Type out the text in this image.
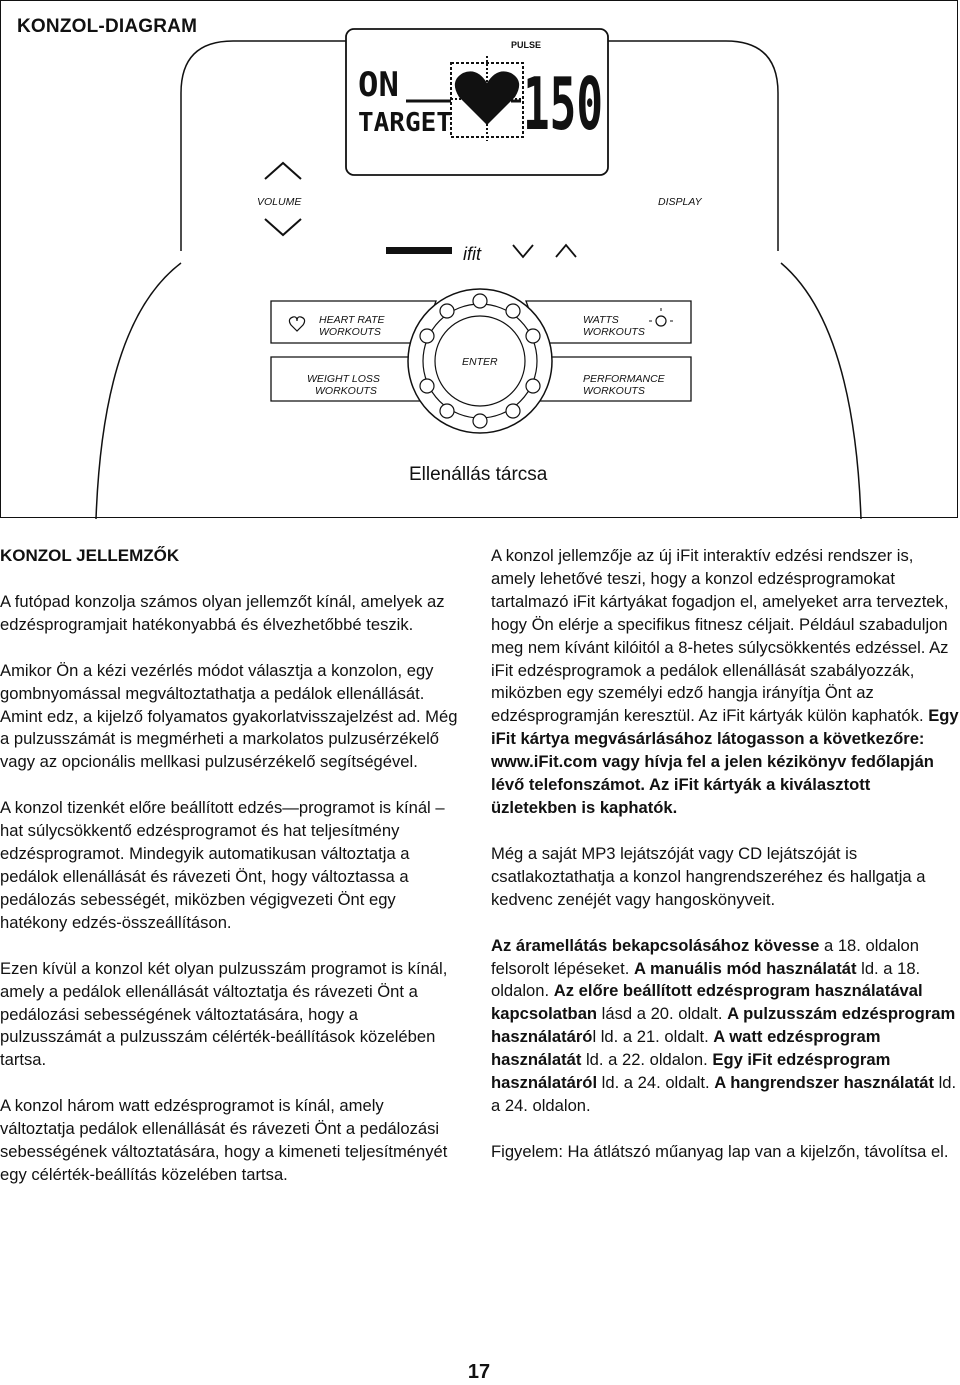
KONZOL-DIAGRAM
PULSE
ON
TARGET 150
VOLUME	DISPLAY
ifit
HEART RATE
WORKOUTS
WEIGHT LOSS
WORKOUTS
WATTS
WORKOUTS
PERFORMANCE
WORKOUTS
ENTER
Ellenállás tárcsa

KONZOL JELLEMZŐK

A futópad konzolja számos olyan jellemzőt kínál, amelyek az edzésprogramjait hatékonyabbá és élvezhetőbbé teszik.

Amikor Ön a kézi vezérlés módot választja a konzolon, egy gombnyomással megváltoztathatja a pedálok ellenállását. Amint edz, a kijelző folyamatos gyakorlatvisszajelzést ad. Még a pulzusszámát is megmérheti a markolatos pulzusérzékelő vagy az opcionális mellkasi pulzusérzékelő segítségével.

A konzol tizenkét előre beállított edzés—programot is kínál – hat súlycsökkentő edzésprogramot és hat teljesítmény edzésprogramot. Mindegyik automatikusan változtatja a pedálok ellenállását és rávezeti Önt, hogy változtassa a pedálozás sebességét, miközben végigvezeti Önt egy hatékony edzés-összeállításon.

Ezen kívül a konzol két olyan pulzusszám programot is kínál, amely a pedálok ellenállását változtatja és rávezeti Önt a pedálozási sebességének változtatására, hogy a pulzusszámát a pulzusszám célérték-beállítások közelében tartsa.

A konzol három watt edzésprogramot is kínál, amely változtatja pedálok ellenállását és rávezeti Önt a pedálozási sebességének változtatására, hogy a kimeneti teljesítményét egy célérték-beállítás közelében tartsa.

A konzol jellemzője az új iFit interaktív edzési rendszer is, amely lehetővé teszi, hogy a konzol edzésprogramokat tartalmazó iFit kártyákat fogadjon el, amelyeket arra terveztek, hogy Ön elérje a specifikus fitnesz céljait. Például szabaduljon meg nem kívánt kilóitól a 8-hetes súlycsökkentés edzéssel. Az iFit edzésprogramok a pedálok ellenállását szabályozzák, miközben egy személyi edző hangja irányítja Önt az edzésprogramján keresztül. Az iFit kártyák külön kaphatók. Egy iFit kártya megvásárlásához látogasson a következőre: www.iFit.com vagy hívja fel a jelen kézikönyv fedőlapján lévő telefonszámot. Az iFit kártyák a kiválasztott üzletekben is kaphatók.

Még a saját MP3 lejátszóját vagy CD lejátszóját is csatlakoztathatja a konzol hangrendszeréhez és hallgatja a kedvenc zenéjét vagy hangoskönyveit.

Az áramellátás bekapcsolásához kövesse a 18. oldalon felsorolt lépéseket. A manuális mód használatát ld. a 18. oldalon. Az előre beállított edzésprogram használatával kapcsolatban lásd a 20. oldalt. A pulzusszám edzésprogram használatáról ld. a 21. oldalt. A watt edzésprogram használatát ld. a 22. oldalon. Egy iFit edzésprogram használatáról ld. a 24. oldalt. A hangrendszer használatát ld. a 24. oldalon.

Figyelem: Ha átlátszó műanyag lap van a kijelzőn, távolítsa el.

17
